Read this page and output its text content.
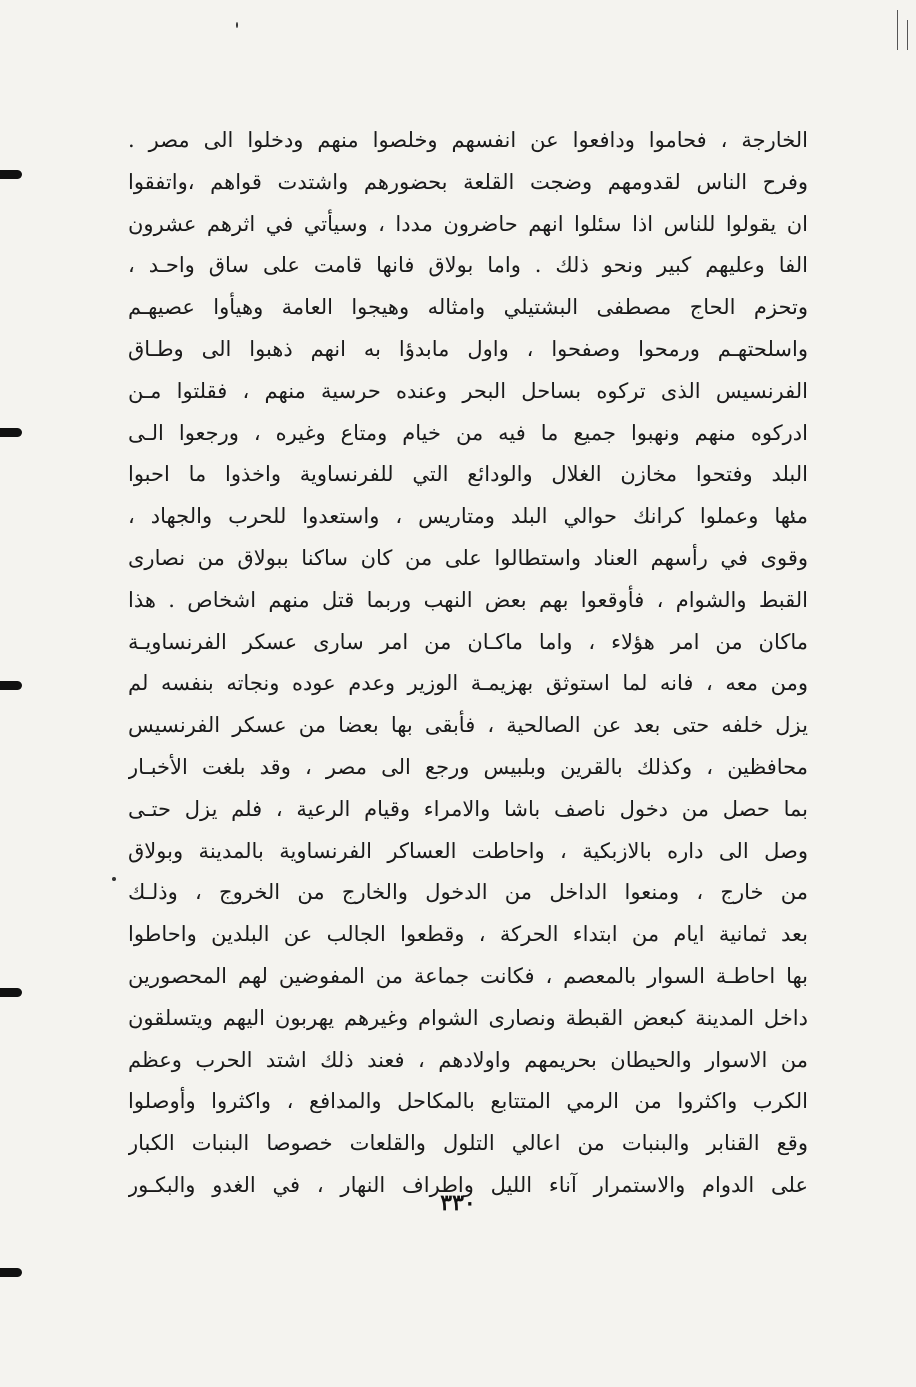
الخارجة ، فحاموا ودافعوا عن انفسهم وخلصوا منهم ودخلوا الى مصر .
وفرح الناس لقدومهم وضجت القلعة بحضورهم واشتدت قواهم ،واتفقوا
ان يقولوا للناس اذا سئلوا انهم حاضرون مددا ، وسيأتي في اثرهم عشرون
الفا وعليهم كبير ونحو ذلك . واما بولاق فانها قامت على ساق واحـد ،
وتحزم الحاج مصطفى البشتيلي وامثاله وهيجوا العامة وهيأوا عصيهـم
واسلحتهـم ورمحوا وصفحوا ، واول مابدؤا به انهم ذهبوا الى وطـاق
الفرنسيس الذى تركوه بساحل البحر وعنده حرسية منهم ، فقلتوا مـن
ادركوه منهم ونهبوا جميع ما فيه من خيام ومتاع وغيره ، ورجعوا الـى
البلد وفتحوا مخازن الغلال والودائع التي للفرنساوية واخذوا ما احبوا
منها وعملوا كرانك حوالي البلد ومتاريس ، واستعدوا للحرب والجهاد ،
وقوى في رأسهم العناد واستطالوا على من كان ساكنا ببولاق من نصارى
القبط والشوام ، فأوقعوا بهم بعض النهب وربما قتل منهم اشخاص . هذا
ماكان من امر هؤلاء ، واما ماكـان من امر سارى عسكر الفرنساويـة
ومن معه ، فانه لما استوثق بهزيمـة الوزير وعدم عوده ونجاته بنفسه لم
يزل خلفه حتى بعد عن الصالحية ، فأبقى بها بعضا من عسكر الفرنسيس
محافظين ، وكذلك بالقرين وبلبيس ورجع الى مصر ، وقد بلغت الأخبـار
بما حصل من دخول ناصف باشا والامراء وقيام الرعية ، فلم يزل حتـى
وصل الى داره بالازبكية ، واحاطت العساكر الفرنساوية بالمدينة وبولاق
من خارج ، ومنعوا الداخل من الدخول والخارج من الخروج ، وذلـك
بعد ثمانية ايام من ابتداء الحركة ، وقطعوا الجالب عن البلدين واحاطوا
بها احاطـة السوار بالمعصم ، فكانت جماعة من المفوضين لهم المحصورين
داخل المدينة كبعض القبطة ونصارى الشوام وغيرهم يهربون اليهم ويتسلقون
من الاسوار والحيطان بحريمهم واولادهم ، فعند ذلك اشتد الحرب وعظم
الكرب واكثروا من الرمي المتتابع بالمكاحل والمدافع ، واكثروا وأوصلوا
وقع القنابر والبنبات من اعالي التلول والقلعات خصوصا البنبات الكبار
على الدوام والاستمرار آناء الليل واطراف النهار ، في الغدو والبكـور
٣٣٠
